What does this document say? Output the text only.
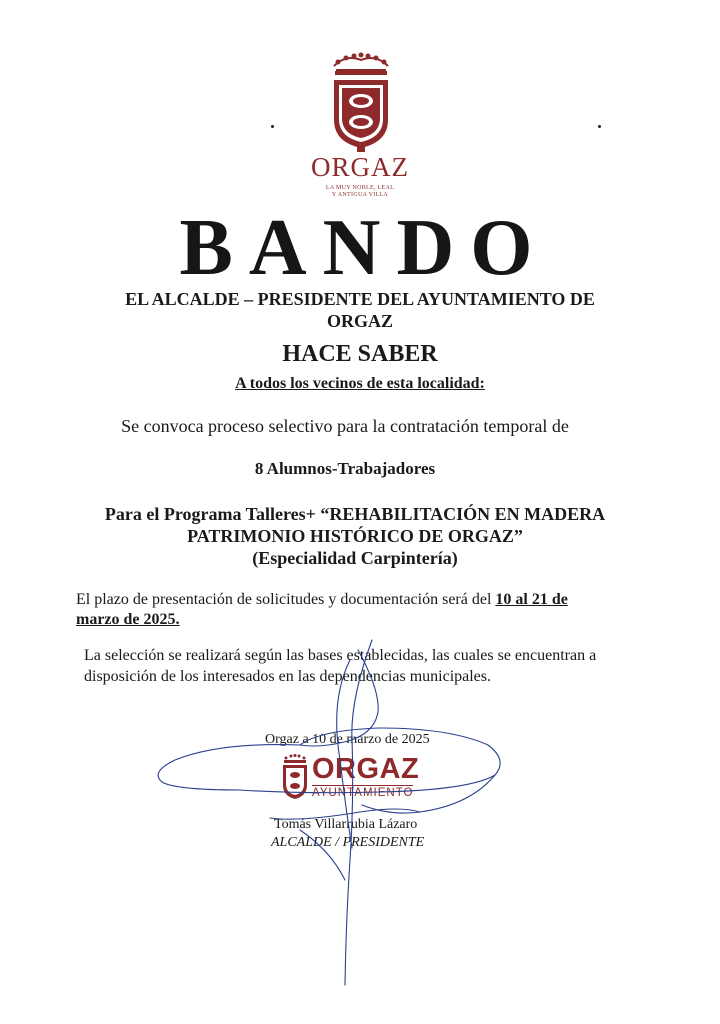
ORGAZ
LA MUY NOBLE, LEAL
Y ANTIGUA VILLA
BANDO
EL ALCALDE – PRESIDENTE DEL AYUNTAMIENTO DE
ORGAZ
HACE SABER
A todos los vecinos de esta localidad:
Se convoca proceso selectivo para la contratación temporal de
8 Alumnos-Trabajadores
Para el Programa Talleres+ “REHABILITACIÓN EN MADERA
PATRIMONIO HISTÓRICO DE ORGAZ”
(Especialidad Carpintería)
El plazo de presentación de solicitudes y documentación será del 10 al 21 de
marzo de 2025.
La selección se realizará según las bases establecidas, las cuales se encuentran a
disposición de los interesados en las dependencias municipales.
Orgaz a 10 de marzo de 2025
ORGAZ
AYUNTAMIENTO
Tomás Villarrubia Lázaro
ALCALDE / PRESIDENTE
